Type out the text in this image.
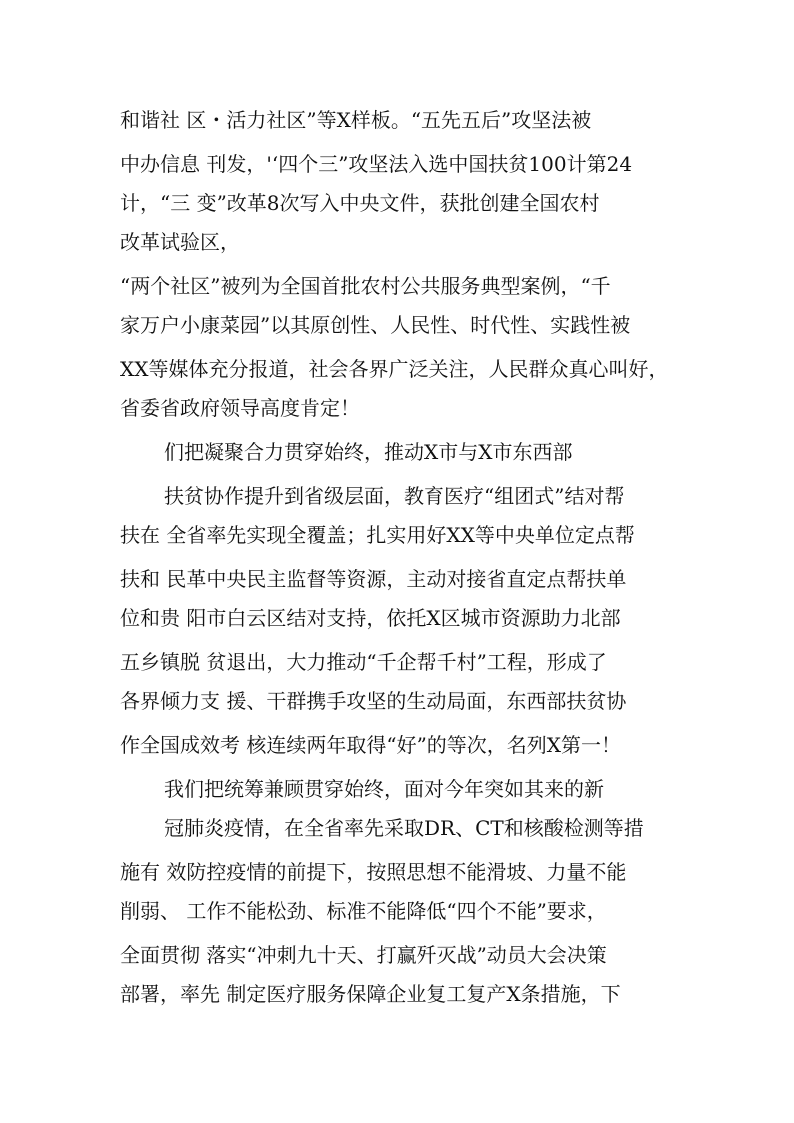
和谐社 区・活力社区”等X样板。“五先五后”攻坚法被
中办信息 刊发，'‘四个三”攻坚法入选中国扶贫100计第24
计，“三 变”改革8次写入中央文件，获批创建全国农村
改革试验区，
“两个社区”被列为全国首批农村公共服务典型案例，“千
家万户小康菜园”以其原创性、人民性、时代性、实践性被
XX等媒体充分报道，社会各界广泛关注，人民群众真心叫好，
省委省政府领导高度肯定！
们把凝聚合力贯穿始终，推动X市与X市东西部
扶贫协作提升到省级层面，教育医疗“组团式”结对帮
扶在 全省率先实现全覆盖；扎实用好XX等中央单位定点帮
扶和 民革中央民主监督等资源，主动对接省直定点帮扶单
位和贵 阳市白云区结对支持，依托X区城市资源助力北部
五乡镇脱 贫退出，大力推动“千企帮千村”工程，形成了
各界倾力支 援、干群携手攻坚的生动局面，东西部扶贫协
作全国成效考 核连续两年取得“好”的等次，名列X第一！
我们把统筹兼顾贯穿始终，面对今年突如其来的新
冠肺炎疫情，在全省率先采取DR、CT和核酸检测等措
施有 效防控疫情的前提下，按照思想不能滑坡、力量不能
削弱、 工作不能松劲、标准不能降低“四个不能”要求，
全面贯彻 落实“冲刺九十天、打赢歼灭战”动员大会决策
部署，率先 制定医疗服务保障企业复工复产X条措施，下
